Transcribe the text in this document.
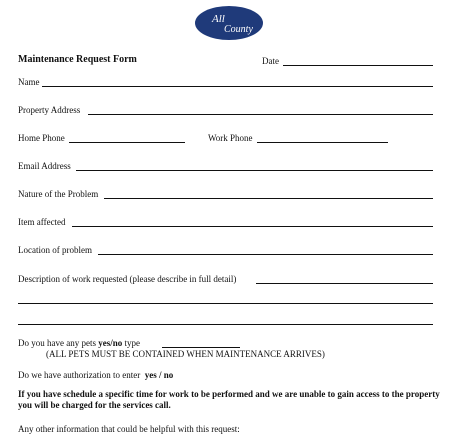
All
County
Maintenance Request Form	Date
Name
Property Address
Home Phone	Work Phone
Email Address
Nature of the Problem
Item affected
Location of problem
Description of work requested (please describe in full detail)
Do you have any pets yes/no type
(ALL PETS MUST BE CONTAINED WHEN MAINTENANCE ARRIVES)
Do we have authorization to enter yes / no
If you have schedule a specific time for work to be performed and we are unable to gain access to the property you will be charged for the services call.
Any other information that could be helpful with this request:
